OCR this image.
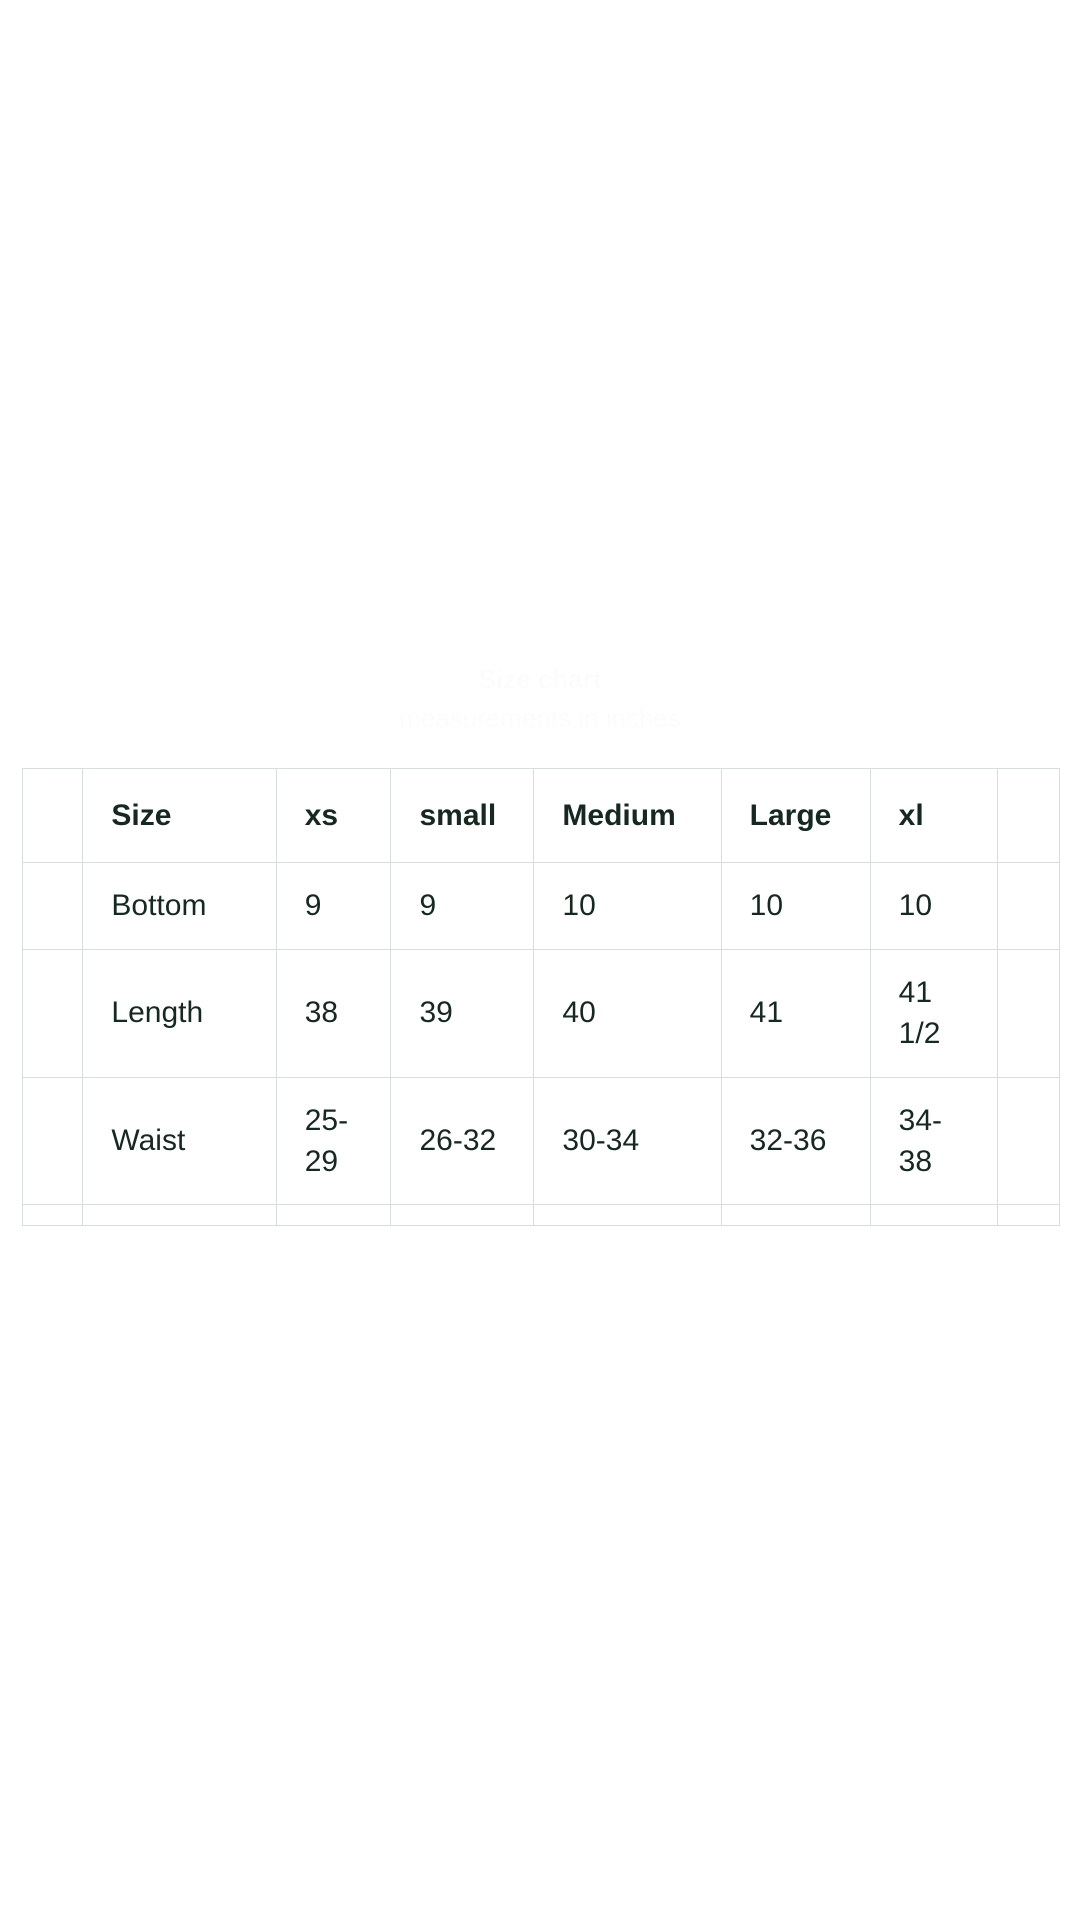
Size chart
measurements in inches
	Size	xs	small	Medium	Large	xl	
	Bottom	9	9	10	10	10	
	Length	38	39	40	41	41 1/2	
	Waist	25-29	26-32	30-34	32-36	34-38	
